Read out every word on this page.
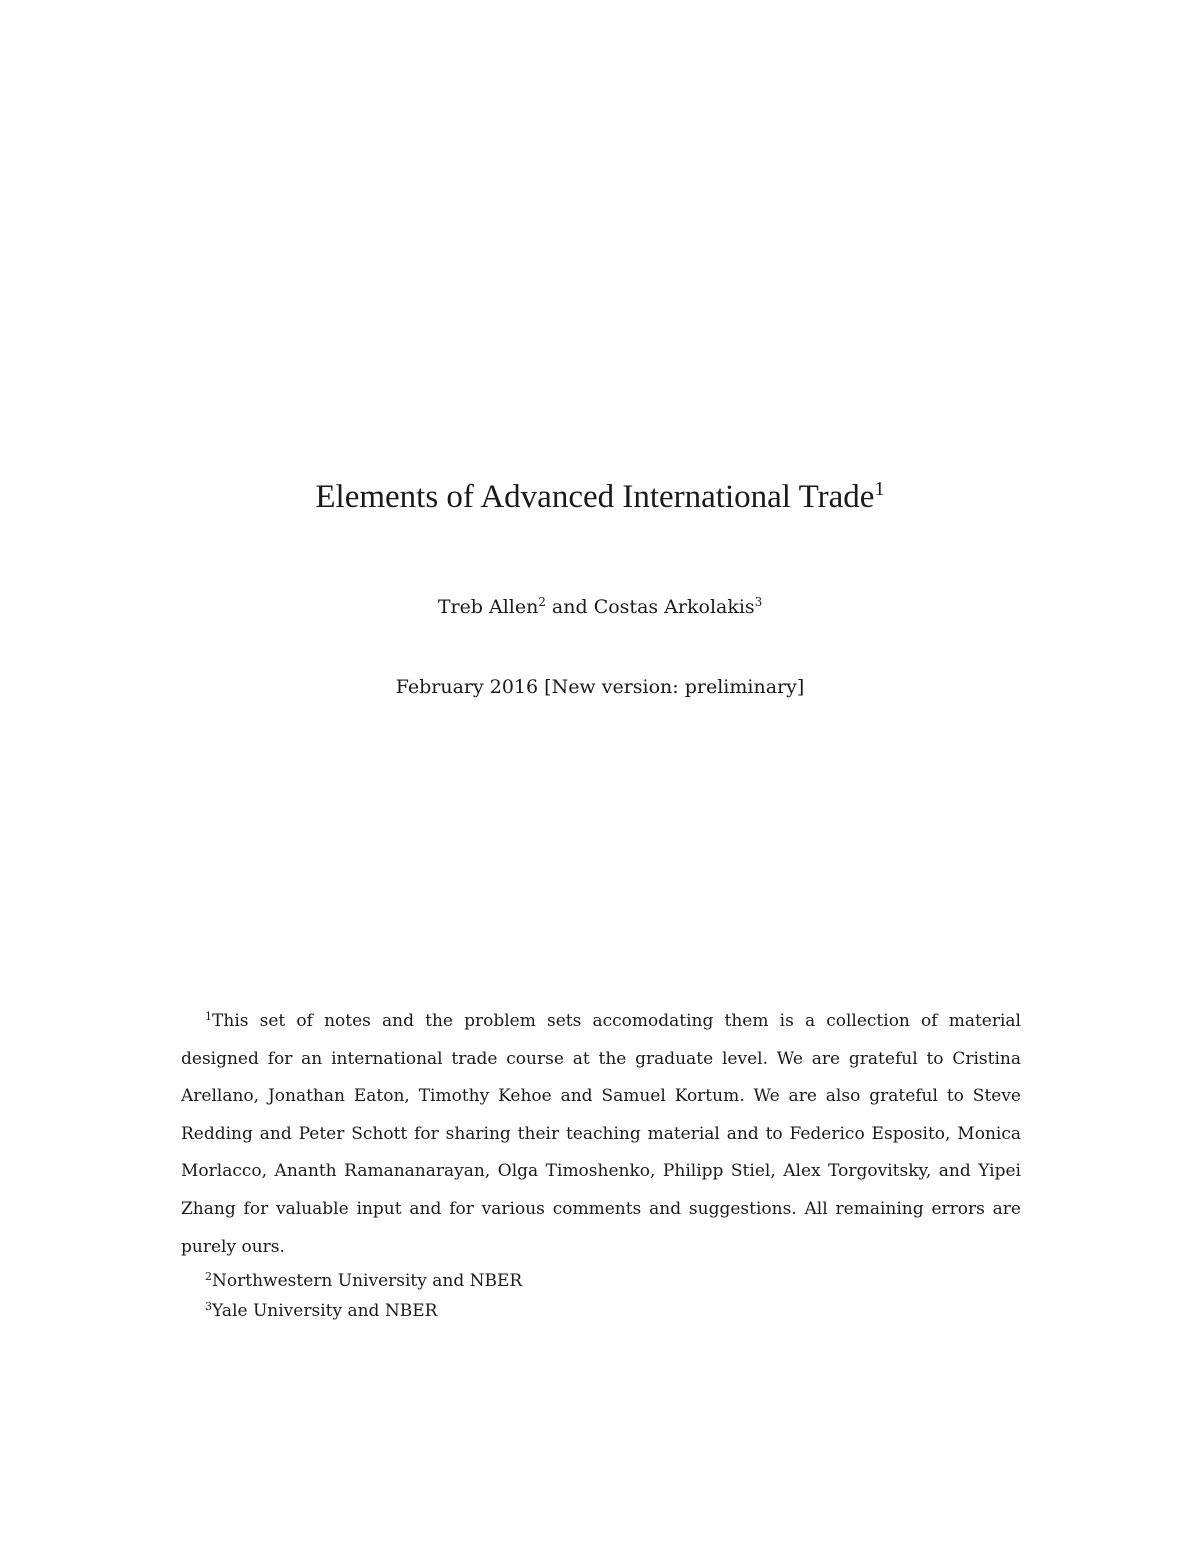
Elements of Advanced International Trade$^1$
Treb Allen$^2$ and Costas Arkolakis$^3$
February 2016 [New version: preliminary]

$^1$This set of notes and the problem sets accomodating them is a collection of material designed for an international trade course at the graduate level. We are grateful to Cristina Arellano, Jonathan Eaton, Timothy Kehoe and Samuel Kortum. We are also grateful to Steve Redding and Peter Schott for sharing their teaching material and to Federico Esposito, Monica Morlacco, Ananth Ramananarayan, Olga Timoshenko, Philipp Stiel, Alex Torgovitsky, and Yipei Zhang for valuable input and for various comments and suggestions. All remaining errors are purely ours.

$^2$Northwestern University and NBER

$^3$Yale University and NBER
